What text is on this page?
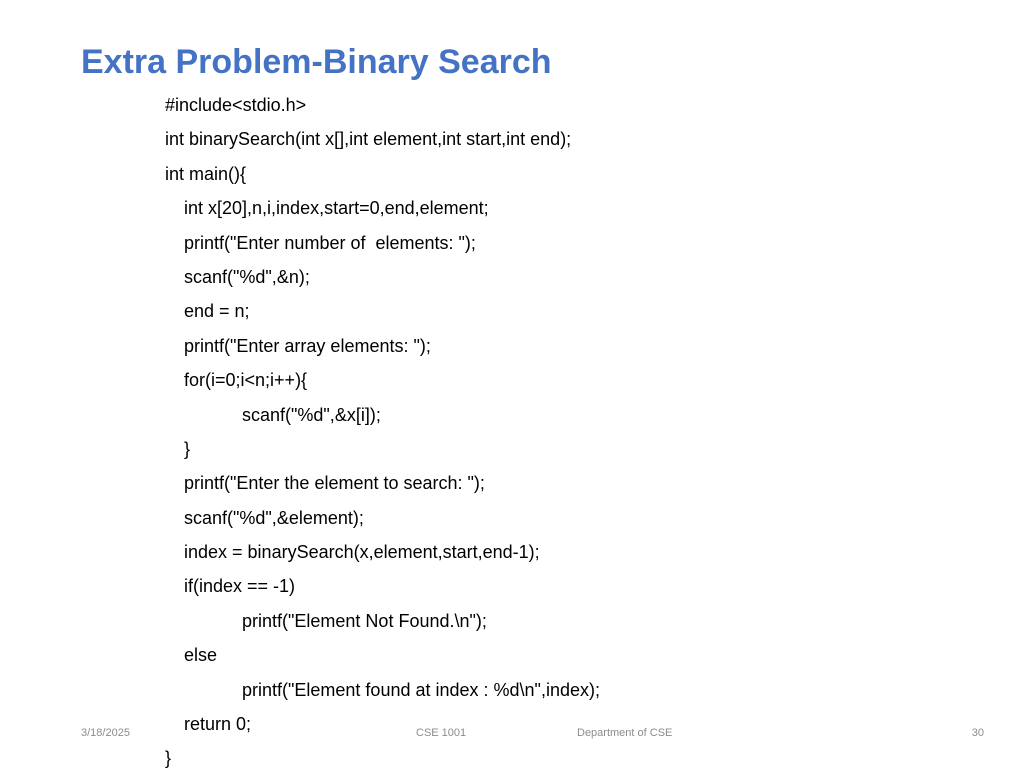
Extra Problem-Binary Search
#include<stdio.h>
int binarySearch(int x[],int element,int start,int end);
int main(){
int x[20],n,i,index,start=0,end,element;
printf("Enter number of  elements: ");
scanf("%d",&n);
end = n;
printf("Enter array elements: ");
for(i=0;i<n;i++){
scanf("%d",&x[i]);
}
printf("Enter the element to search: ");
scanf("%d",&element);
index = binarySearch(x,element,start,end-1);
if(index == -1)
printf("Element Not Found.\n");
else
printf("Element found at index : %d\n",index);
return 0;
}
3/18/2025	CSE 1001	Department of CSE	30
